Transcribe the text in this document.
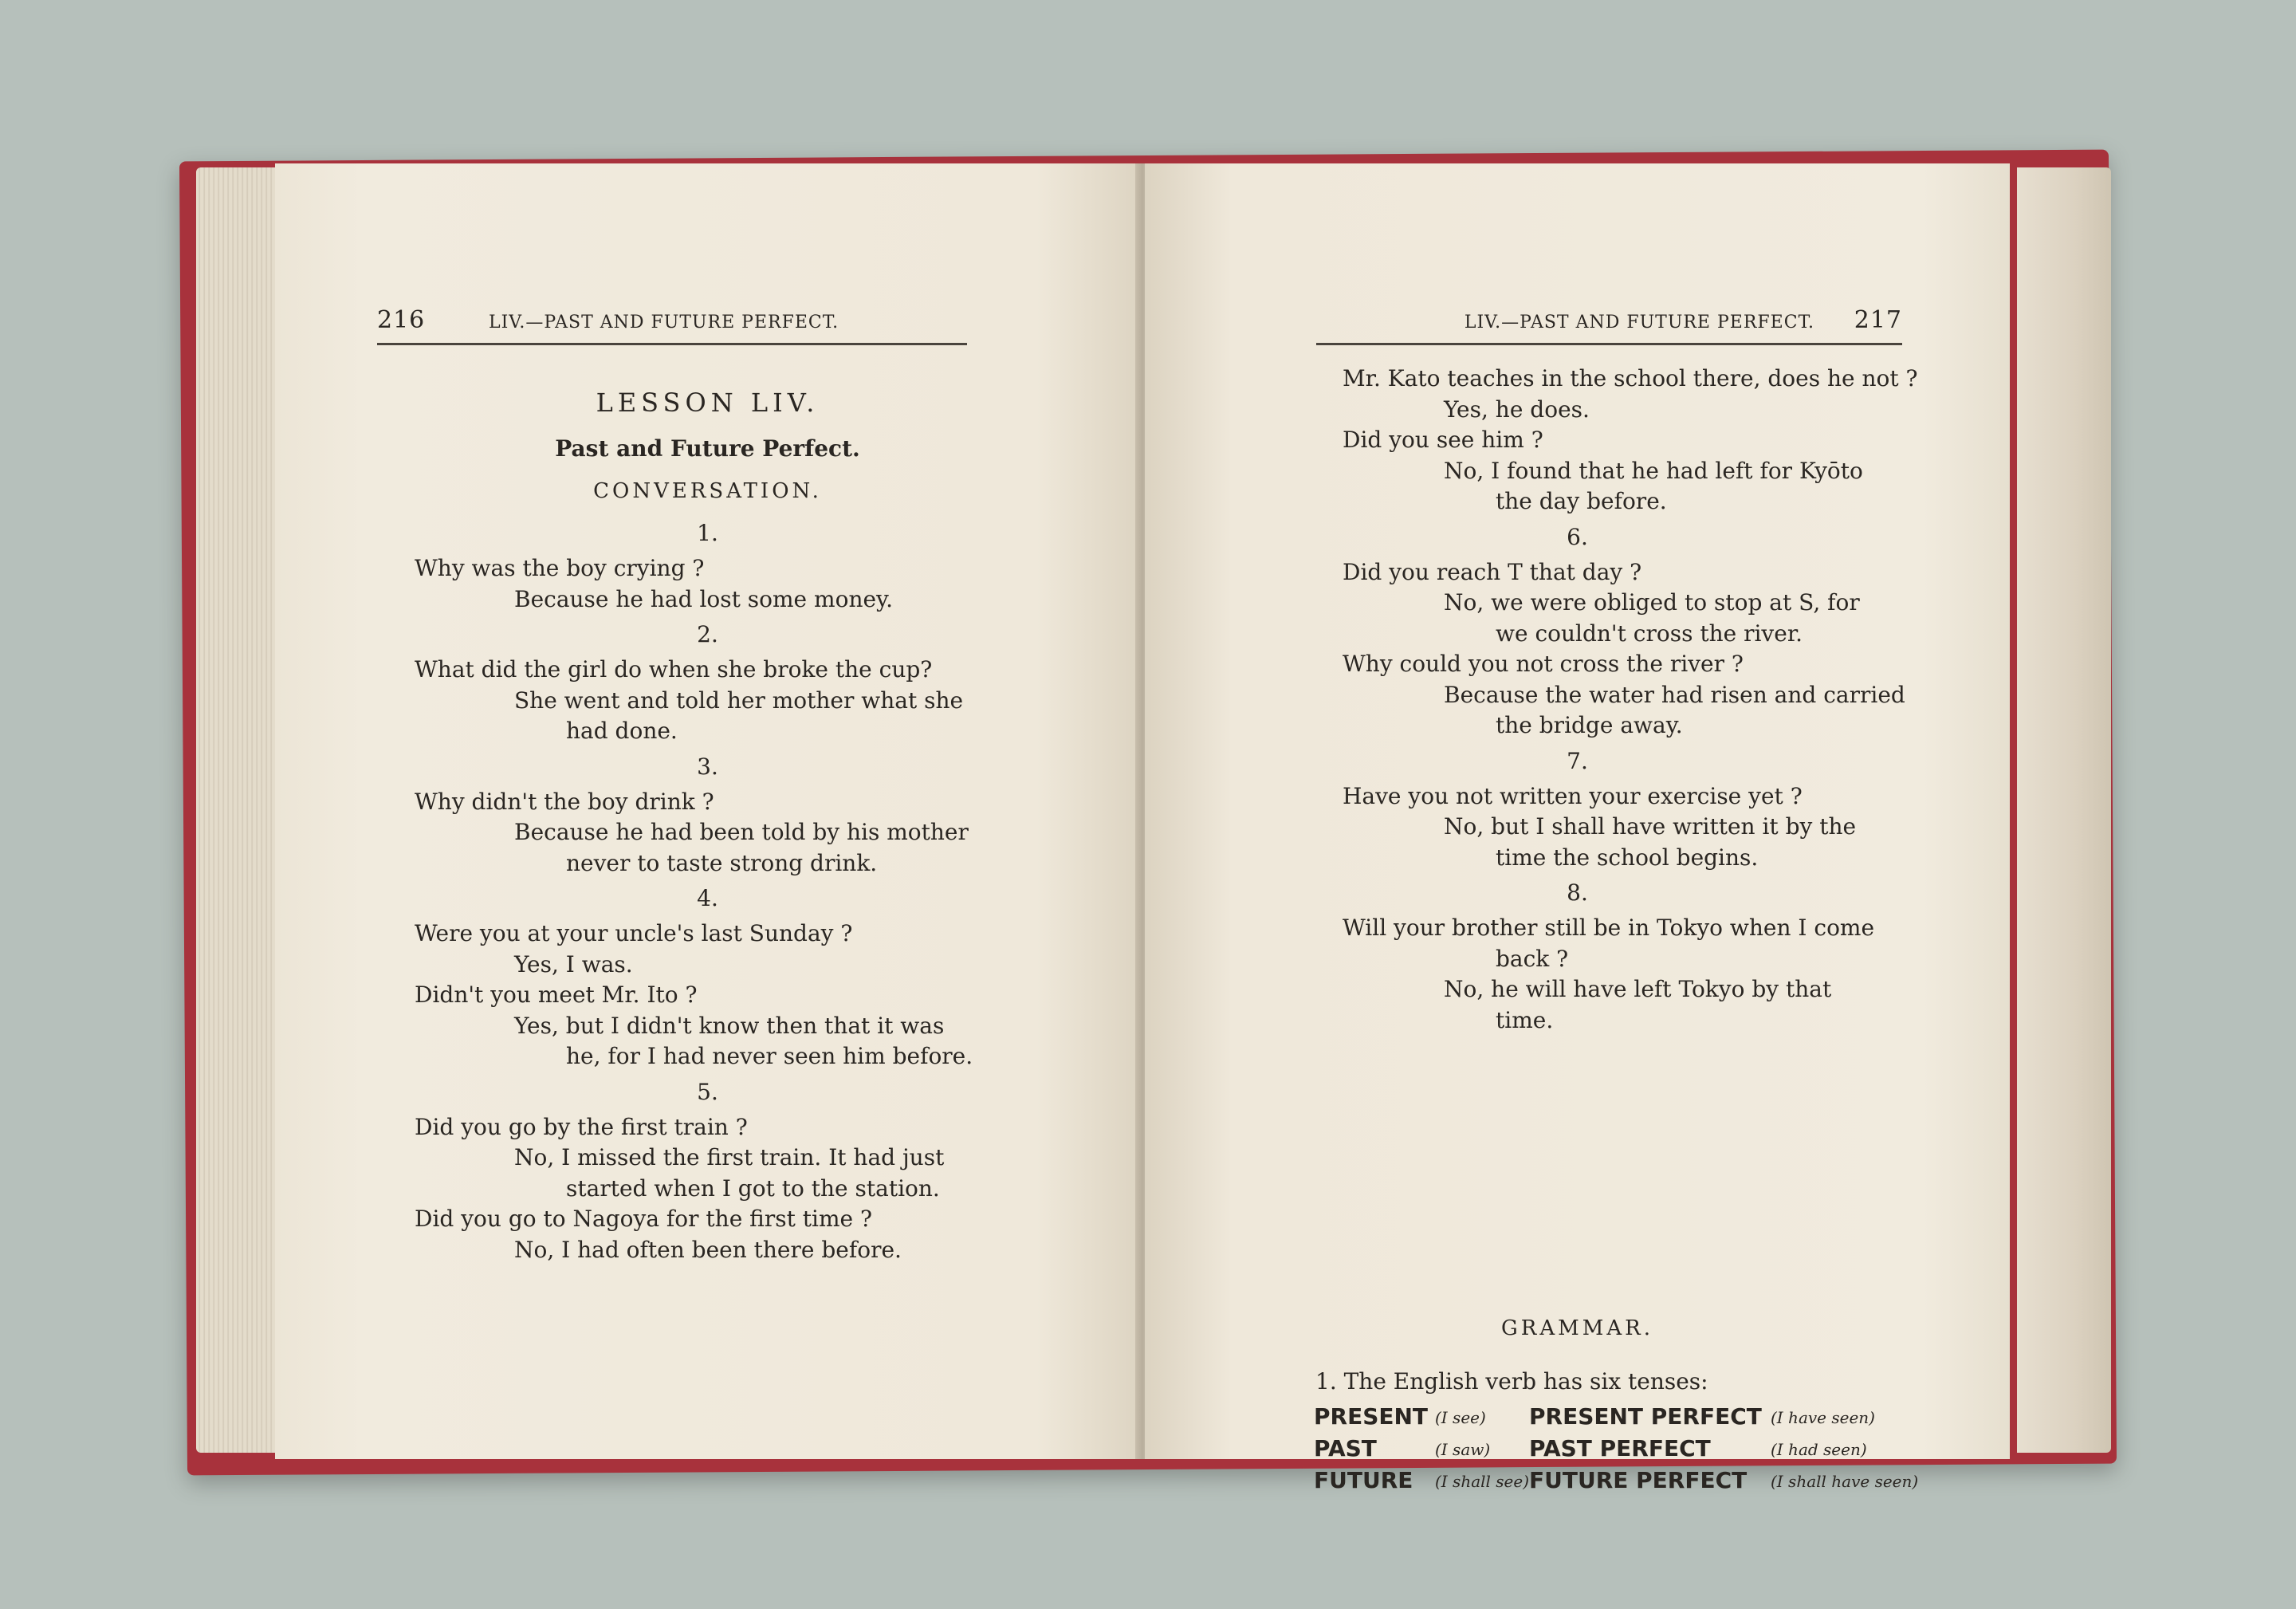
216	LIV.—PAST AND FUTURE PERFECT.
LESSON LIV.
Past and Future Perfect.
CONVERSATION.
1.
Why was the boy crying ?
Because he had lost some money.
2.
What did the girl do when she broke the cup?
She went and told her mother what she
had done.
3.
Why didn't the boy drink ?
Because he had been told by his mother
never to taste strong drink.
4.
Were you at your uncle's last Sunday ?
Yes, I was.
Didn't you meet Mr. Ito ?
Yes, but I didn't know then that it was
he, for I had never seen him before.
5.
Did you go by the first train ?
No, I missed the first train. It had just
started when I got to the station.
Did you go to Nagoya for the first time ?
No, I had often been there before.
LIV.—PAST AND FUTURE PERFECT. 217
Mr. Kato teaches in the school there, does he not ?
Yes, he does.
Did you see him ?
No, I found that he had left for Kyōto
the day before.
6.
Did you reach T that day ?
No, we were obliged to stop at S, for
we couldn't cross the river.
Why could you not cross the river ?
Because the water had risen and carried
the bridge away.
7.
Have you not written your exercise yet ?
No, but I shall have written it by the
time the school begins.
8.
Will your brother still be in Tokyo when I come
back ?
No, he will have left Tokyo by that
time.
GRAMMAR.
1. The English verb has six tenses:
PRESENT (I see) PRESENT PERFECT (I have seen)
PAST	(I saw) PAST PERFECT	(I had seen)
FUTURE (I shall see) FUTURE PERFECT (I shall have seen)
